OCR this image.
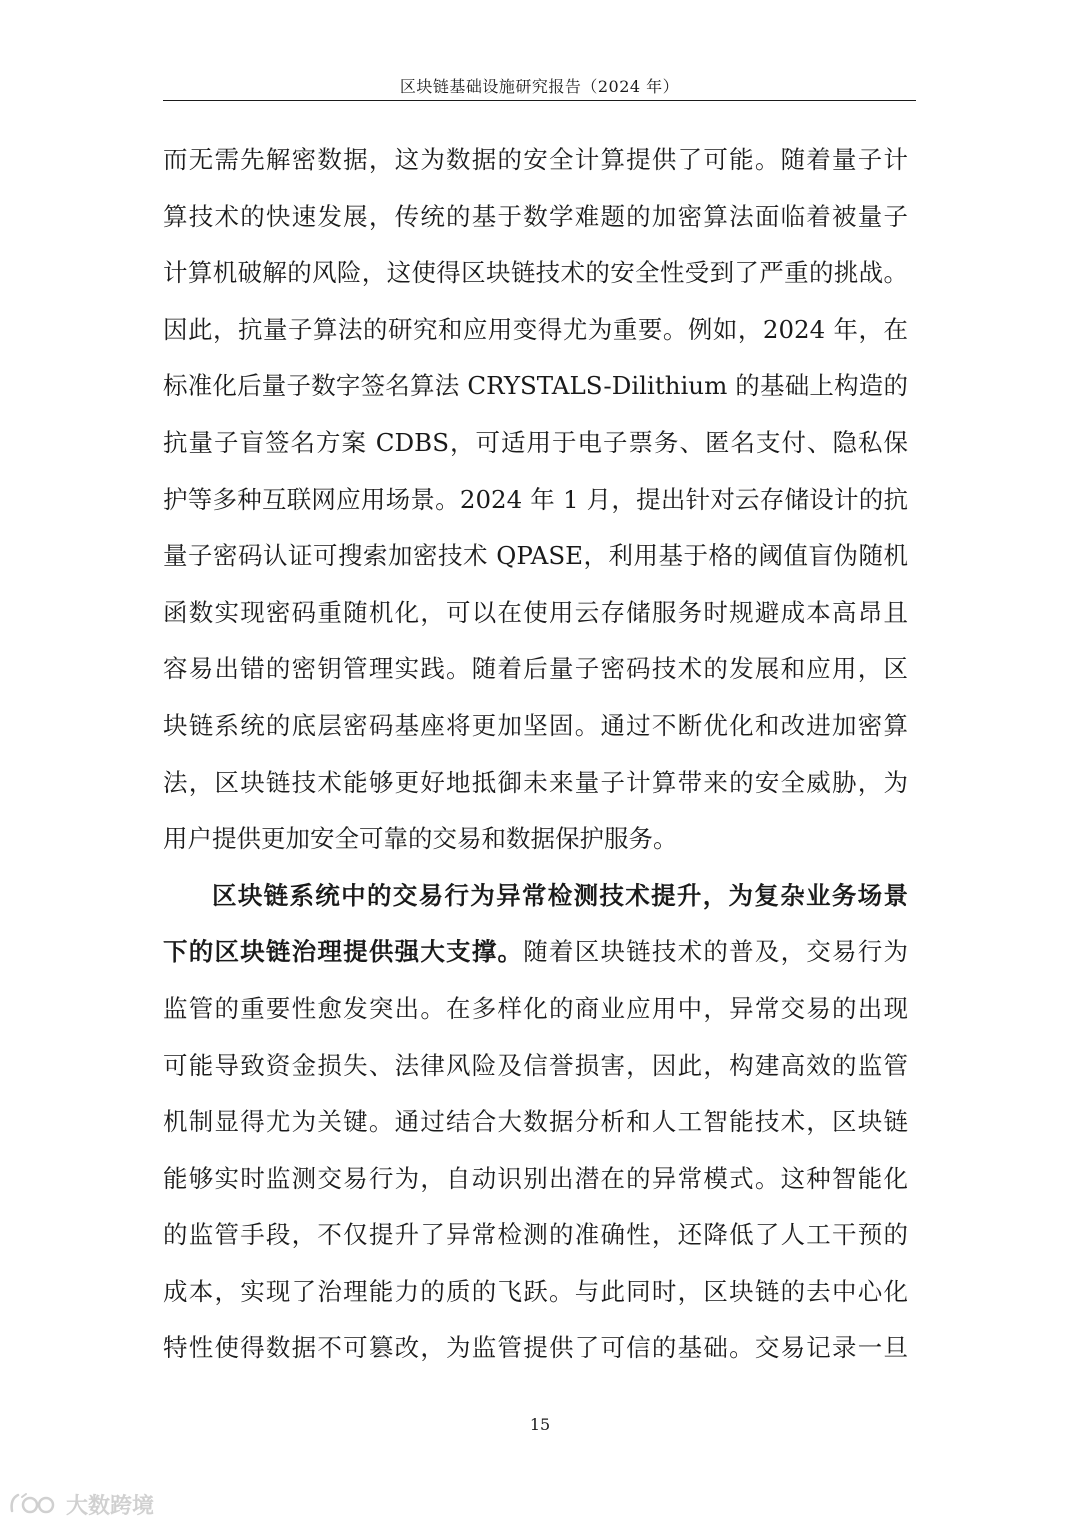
区块链基础设施研究报告（2024 年）
而无需先解密数据，这为数据的安全计算提供了可能。随着量子计
算技术的快速发展，传统的基于数学难题的加密算法面临着被量子
计算机破解的风险，这使得区块链技术的安全性受到了严重的挑战。
因此，抗量子算法的研究和应用变得尤为重要。例如，2024 年，在
标准化后量子数字签名算法 CRYSTALS-Dilithium 的基础上构造的
抗量子盲签名方案 CDBS，可适用于电子票务、匿名支付、隐私保
护等多种互联网应用场景。2024 年 1 月，提出针对云存储设计的抗
量子密码认证可搜索加密技术 QPASE，利用基于格的阈值盲伪随机
函数实现密码重随机化，可以在使用云存储服务时规避成本高昂且
容易出错的密钥管理实践。随着后量子密码技术的发展和应用，区
块链系统的底层密码基座将更加坚固。通过不断优化和改进加密算
法，区块链技术能够更好地抵御未来量子计算带来的安全威胁，为
用户提供更加安全可靠的交易和数据保护服务。
区块链系统中的交易行为异常检测技术提升，为复杂业务场景
下的区块链治理提供强大支撑。随着区块链技术的普及，交易行为
监管的重要性愈发突出。在多样化的商业应用中，异常交易的出现
可能导致资金损失、法律风险及信誉损害，因此，构建高效的监管
机制显得尤为关键。通过结合大数据分析和人工智能技术，区块链
能够实时监测交易行为，自动识别出潜在的异常模式。这种智能化
的监管手段，不仅提升了异常检测的准确性，还降低了人工干预的
成本，实现了治理能力的质的飞跃。与此同时，区块链的去中心化
特性使得数据不可篡改，为监管提供了可信的基础。交易记录一旦
15
大数跨境
